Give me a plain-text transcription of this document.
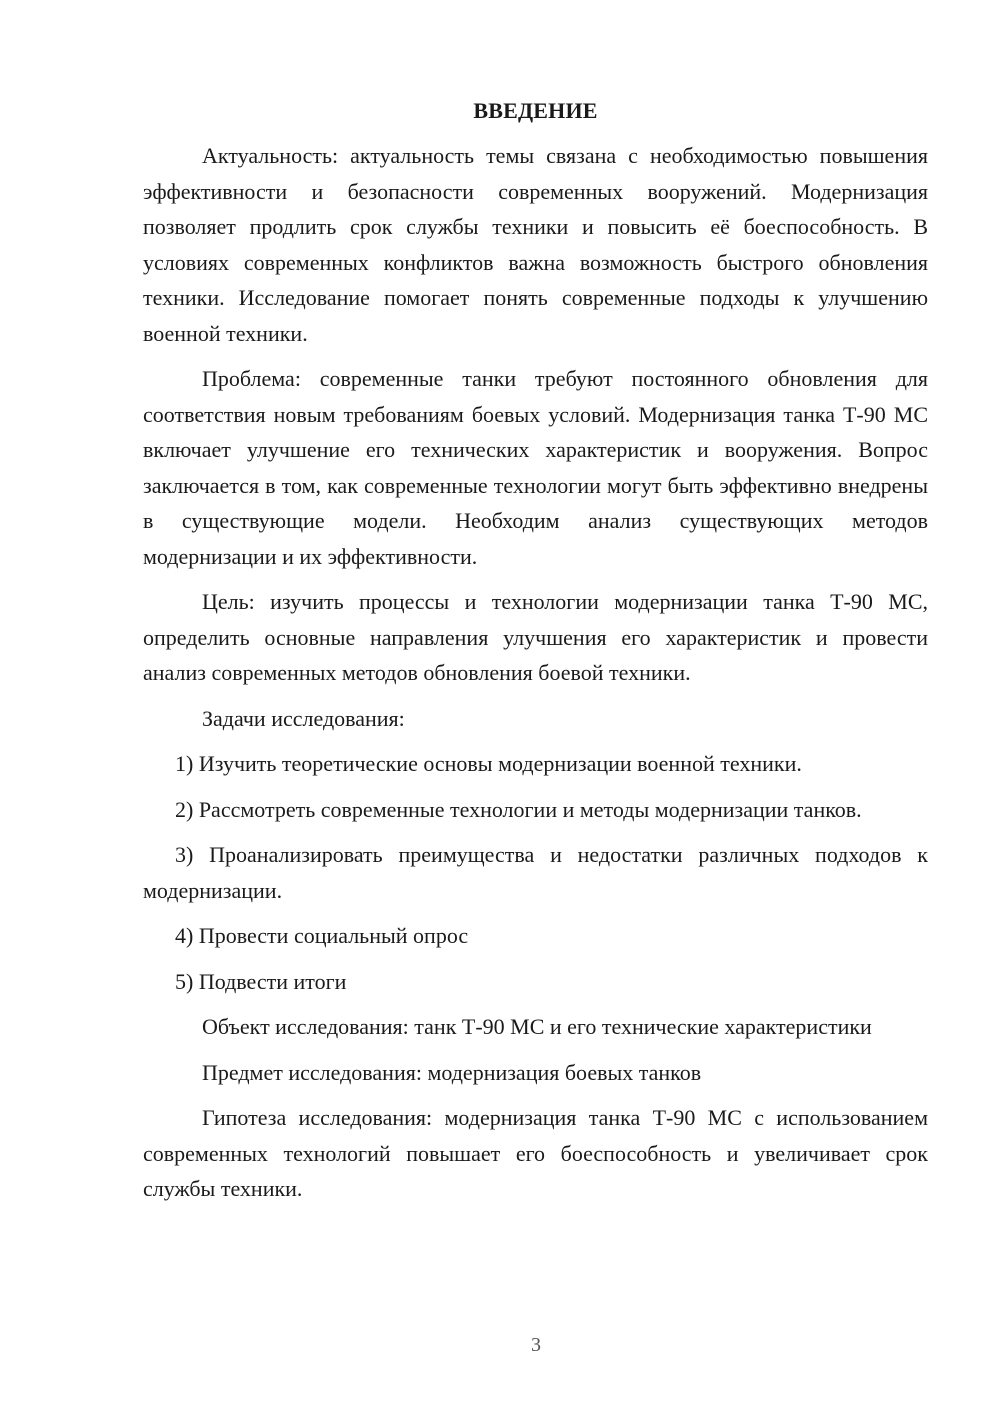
ВВЕДЕНИЕ

Актуальность: актуальность темы связана с необходимостью повышения эффективности и безопасности современных вооружений. Модернизация позволяет продлить срок службы техники и повысить её боеспособность. В условиях современных конфликтов важна возможность быстрого обновления техники. Исследование помогает понять современные подходы к улучшению военной техники.

Проблема: современные танки требуют постоянного обновления для соответствия новым требованиям боевых условий. Модернизация танка Т-90 МС включает улучшение его технических характеристик и вооружения. Вопрос заключается в том, как современные технологии могут быть эффективно внедрены в существующие модели. Необходим анализ существующих методов модернизации и их эффективности.

Цель: изучить процессы и технологии модернизации танка Т-90 МС, определить основные направления улучшения его характеристик и провести анализ современных методов обновления боевой техники.

Задачи исследования:

1) Изучить теоретические основы модернизации военной техники.

2) Рассмотреть современные технологии и методы модернизации танков.

3) Проанализировать преимущества и недостатки различных подходов к модернизации.

4) Провести социальный опрос

5) Подвести итоги

Объект исследования: танк Т-90 МС и его технические характеристики

Предмет исследования: модернизация боевых танков

Гипотеза исследования: модернизация танка Т-90 МС с использованием современных технологий повышает его боеспособность и увеличивает срок службы техники.

3
